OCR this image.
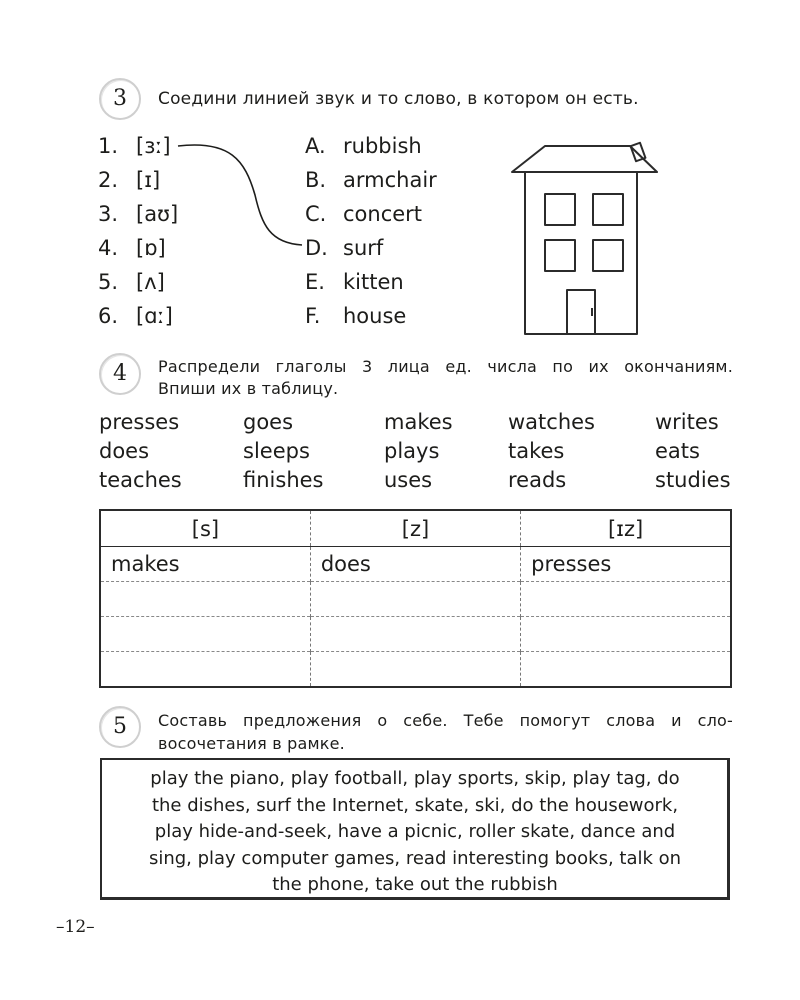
3	Соедини линией звук и то слово, в котором он есть.
1. [ɜː]
2. [ɪ]
3. [aʊ]
4. [ɒ]
5. [ʌ]
6. [ɑː]
A. rubbish
B. armchair
C. concert
D. surf
E. kitten
F. house
4	Распредели глаголы 3 лица ед. числа по их окончаниям.
Впиши их в таблицу.
presses	goes	makes	watches	writes
does	sleeps	plays	takes	eats
teaches	finishes	uses	reads	studies
[s]	[z]	[ɪz]
makes	does	presses

5	Составь предложения о себе. Тебе помогут слова и сло-
восочетания в рамке.
play the piano, play football, play sports, skip, play tag, do
the dishes, surf the Internet, skate, ski, do the housework,
play hide-and-seek, have a picnic, roller skate, dance and
sing, play computer games, read interesting books, talk on
the phone, take out the rubbish
–12–
